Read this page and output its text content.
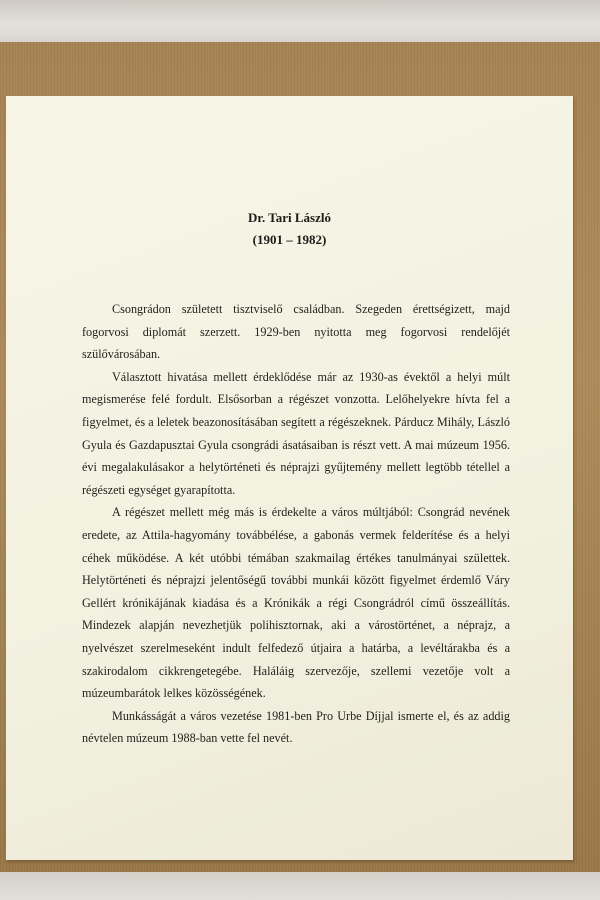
Dr. Tari László
(1901 – 1982)

Csongrádon született tisztviselő családban. Szegeden érettségizett, majd fogorvosi diplomát szerzett. 1929-ben nyitotta meg fogorvosi rendelőjét szülővárosában.

Választott hivatása mellett érdeklődése már az 1930-as évektől a helyi múlt megismerése felé fordult. Elsősorban a régészet vonzotta. Lelőhelyekre hívta fel a figyelmet, és a leletek beazonosításában segített a régészeknek. Párducz Mihály, László Gyula és Gazdapusztai Gyula csongrádi ásatásaiban is részt vett. A mai múzeum 1956. évi megalakulásakor a helytörténeti és néprajzi gyűjtemény mellett legtöbb tétellel a régészeti egységet gyarapította.

A régészet mellett még más is érdekelte a város múltjából: Csongrád nevének eredete, az Attila-hagyomány továbbélése, a gabonás vermek felderítése és a helyi céhek működése. A két utóbbi témában szakmailag értékes tanulmányai születtek. Helytörténeti és néprajzi jelentőségű további munkái között figyelmet érdemlő Váry Gellért krónikájának kiadása és a Krónikák a régi Csongrádról című összeállítás. Mindezek alapján nevezhetjük polihisztornak, aki a várostörténet, a néprajz, a nyelvészet szerelmeseként indult felfedező útjaira a határba, a levéltárakba és a szakirodalom cikkrengetegébe. Haláláig szervezője, szellemi vezetője volt a múzeumbarátok lelkes közösségének.

Munkásságát a város vezetése 1981-ben Pro Urbe Díjjal ismerte el, és az addig névtelen múzeum 1988-ban vette fel nevét.
